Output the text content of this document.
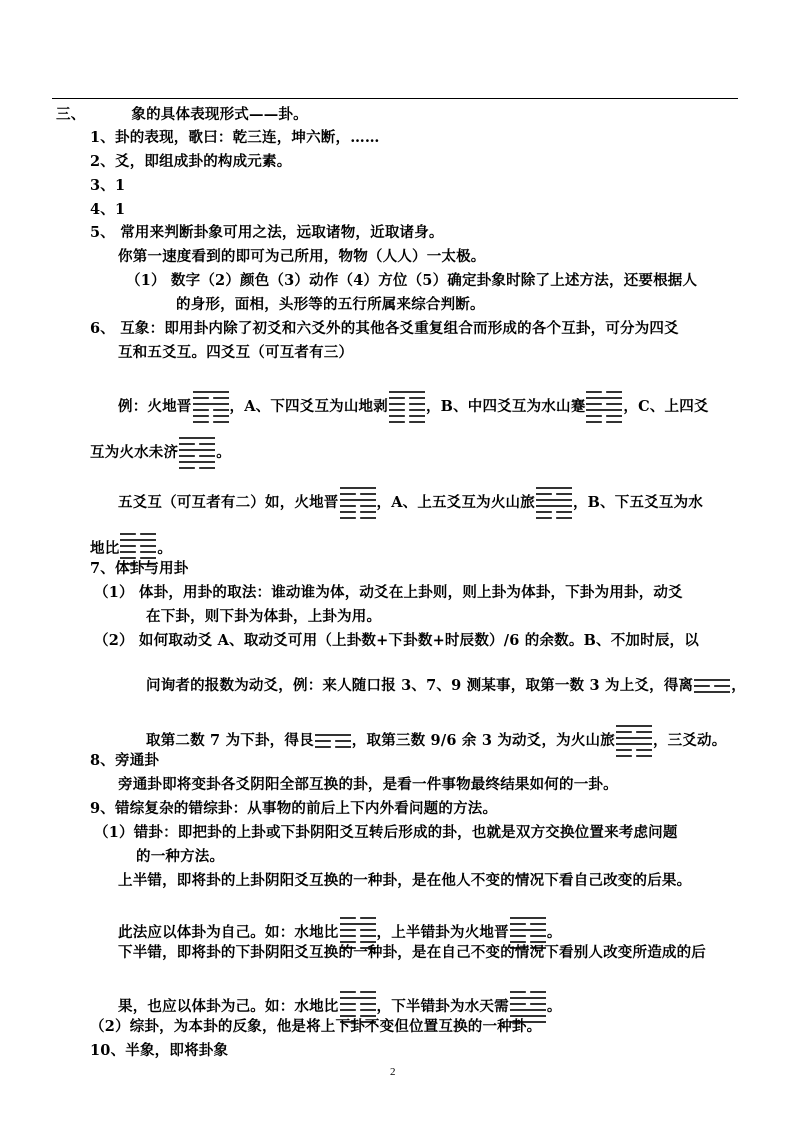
三、	象的具体表现形式——卦。
1、卦的表现，歌曰：乾三连，坤六断，……
2、爻，即组成卦的构成元素。
3、1
4、1
5、 常用来判断卦象可用之法，远取诸物，近取诸身。
你第一速度看到的即可为己所用，物物（人人）一太极。
（1） 数字（2）颜色（3）动作（4）方位（5）确定卦象时除了上述方法，还要根据人
的身形，面相，头形等的五行所属来综合判断。
6、 互象：即用卦内除了初爻和六爻外的其他各爻重复组合而形成的各个互卦，可分为四爻
互和五爻互。四爻互（可互者有三）
例：火地晋	，A、下四爻互为山地剥	，B、中四爻互为水山蹇	，C、上四爻
互为火水未济	。
五爻互（可互者有二）如，火地晋	，A、上五爻互为火山旅	，B、下五爻互为水
地比	。
7、体卦与用卦
（1） 体卦，用卦的取法：谁动谁为体，动爻在上卦则，则上卦为体卦，下卦为用卦，动爻
在下卦，则下卦为体卦，上卦为用。
（2） 如何取动爻 A、取动爻可用（上卦数+下卦数+时辰数）/6 的余数。B、不加时辰，以
问询者的报数为动爻，例：来人随口报 3、7、9 测某事，取第一数 3 为上爻，得离	，
取第二数 7 为下卦，得艮	，取第三数 9/6 余 3 为动爻，为火山旅	，三爻动。
8、旁通卦
旁通卦即将变卦各爻阴阳全部互换的卦，是看一件事物最终结果如何的一卦。
9、错综复杂的错综卦：从事物的前后上下内外看问题的方法。
（1）错卦：即把卦的上卦或下卦阴阳爻互转后形成的卦，也就是双方交换位置来考虑问题
的一种方法。
上半错，即将卦的上卦阴阳爻互换的一种卦，是在他人不变的情况下看自己改变的后果。
此法应以体卦为自己。如：水地比	，上半错卦为火地晋	。
下半错，即将卦的下卦阴阳爻互换的一种卦，是在自己不变的情况下看别人改变所造成的后
果，也应以体卦为己。如：水地比	，下半错卦为水天需	。
（2）综卦，为本卦的反象，他是将上下卦不变但位置互换的一种卦。
10、半象，即将卦象
2
